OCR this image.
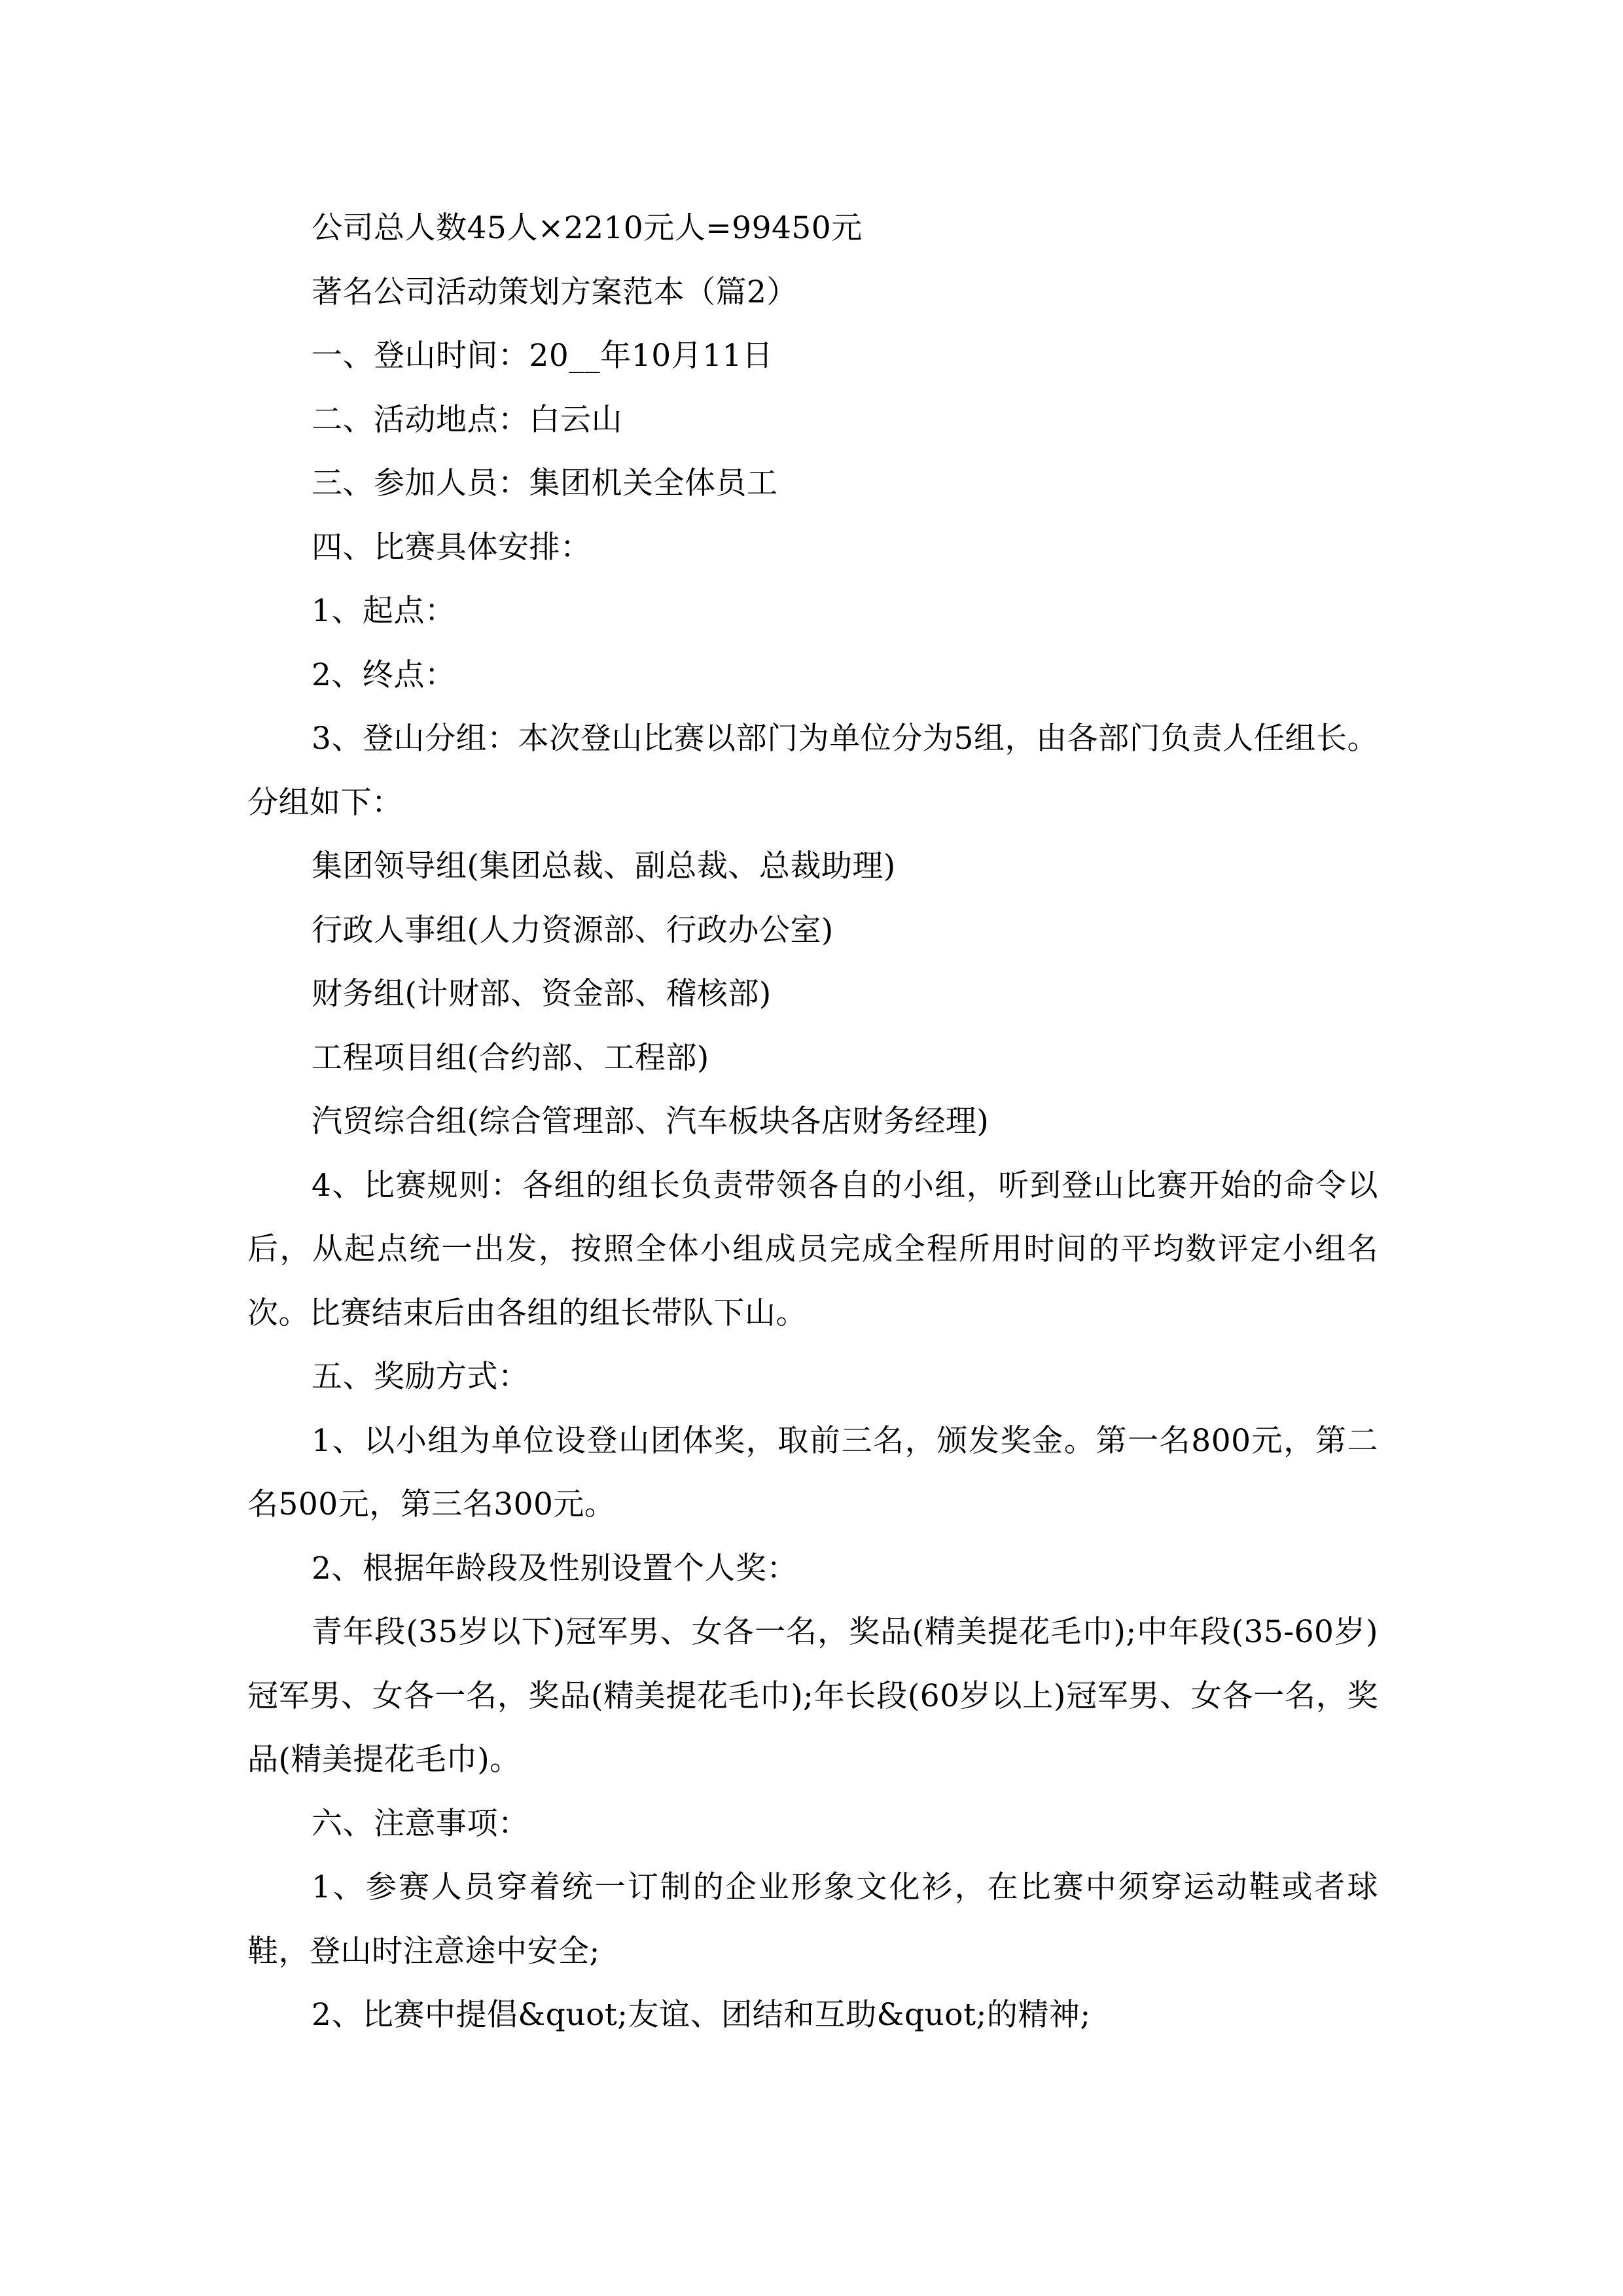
公司总人数45人×2210元人=99450元

著名公司活动策划方案范本（篇2）

一、登山时间：20__年10月11日

二、活动地点：白云山

三、参加人员：集团机关全体员工

四、比赛具体安排：

1、起点：

2、终点：

3、登山分组：本次登山比赛以部门为单位分为5组，由各部门负责人任组长。分组如下：

集团领导组(集团总裁、副总裁、总裁助理)

行政人事组(人力资源部、行政办公室)

财务组(计财部、资金部、稽核部)

工程项目组(合约部、工程部)

汽贸综合组(综合管理部、汽车板块各店财务经理)

4、比赛规则：各组的组长负责带领各自的小组，听到登山比赛开始的命令以后，从起点统一出发，按照全体小组成员完成全程所用时间的平均数评定小组名次。比赛结束后由各组的组长带队下山。

五、奖励方式：

1、以小组为单位设登山团体奖，取前三名，颁发奖金。第一名800元，第二名500元，第三名300元。

2、根据年龄段及性别设置个人奖：

青年段(35岁以下)冠军男、女各一名，奖品(精美提花毛巾);中年段(35-60岁)冠军男、女各一名，奖品(精美提花毛巾);年长段(60岁以上)冠军男、女各一名，奖品(精美提花毛巾)。

六、注意事项：

1、参赛人员穿着统一订制的企业形象文化衫，在比赛中须穿运动鞋或者球鞋，登山时注意途中安全;

2、比赛中提倡&quot;友谊、团结和互助&quot;的精神;
